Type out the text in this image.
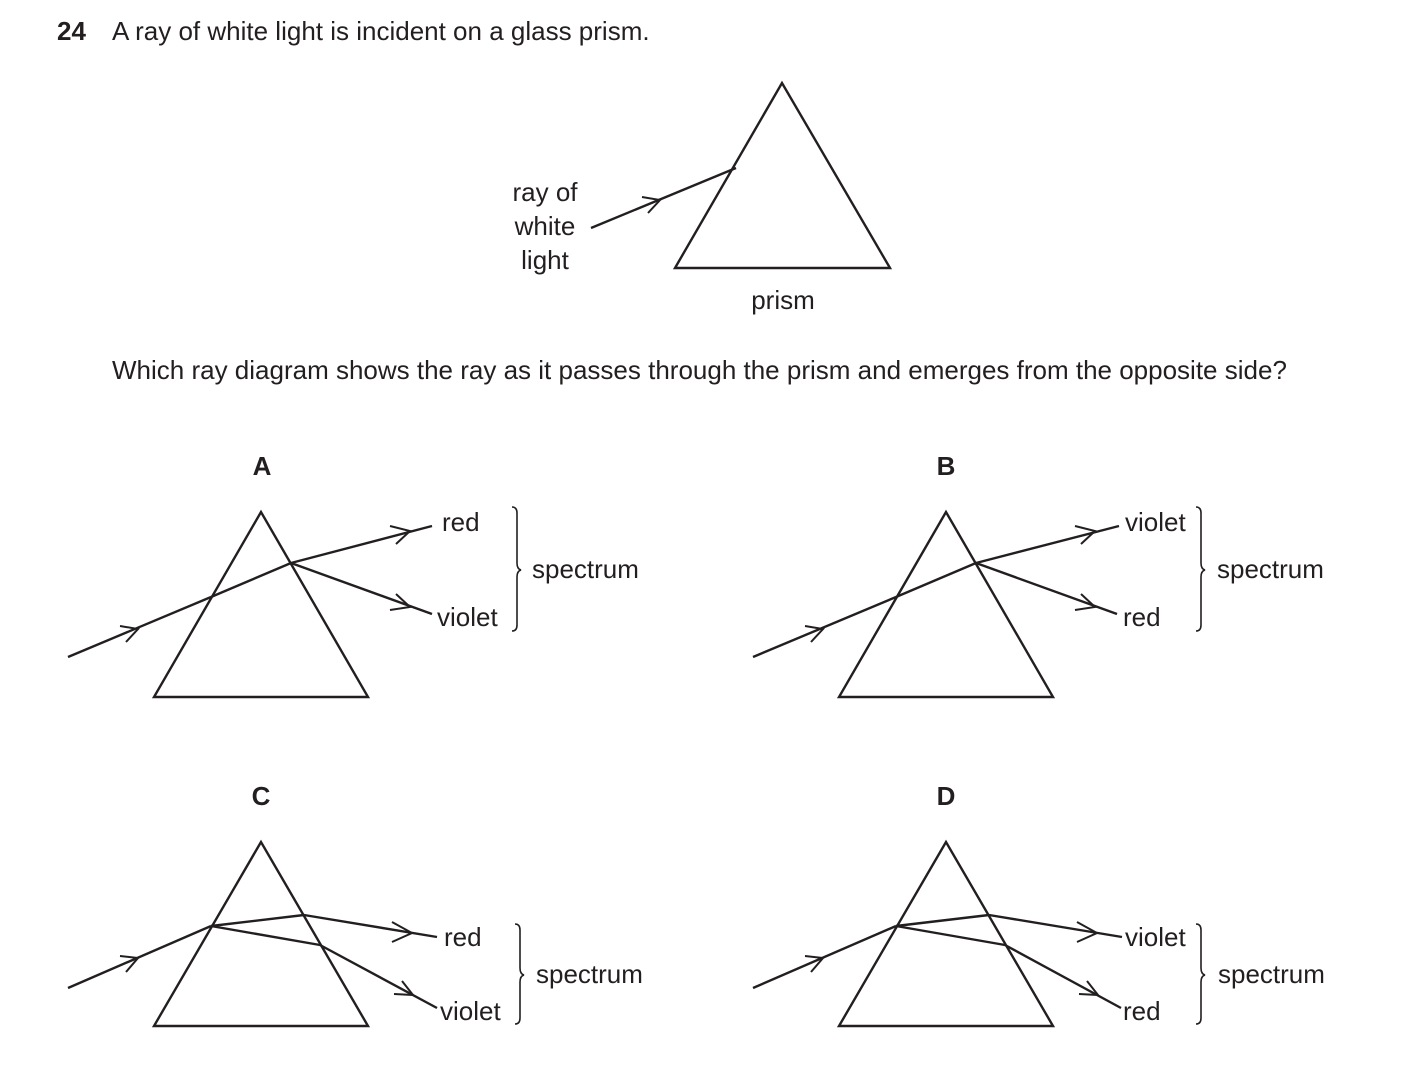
24 A ray of white light is incident on a glass prism.
Which ray diagram shows the ray as it passes through the prism and emerges from the opposite side?
ray of
white
light
prism
A
red
violet
spectrum
B
violet
red
spectrum
C
red
violet
spectrum
D
violet
red
spectrum
